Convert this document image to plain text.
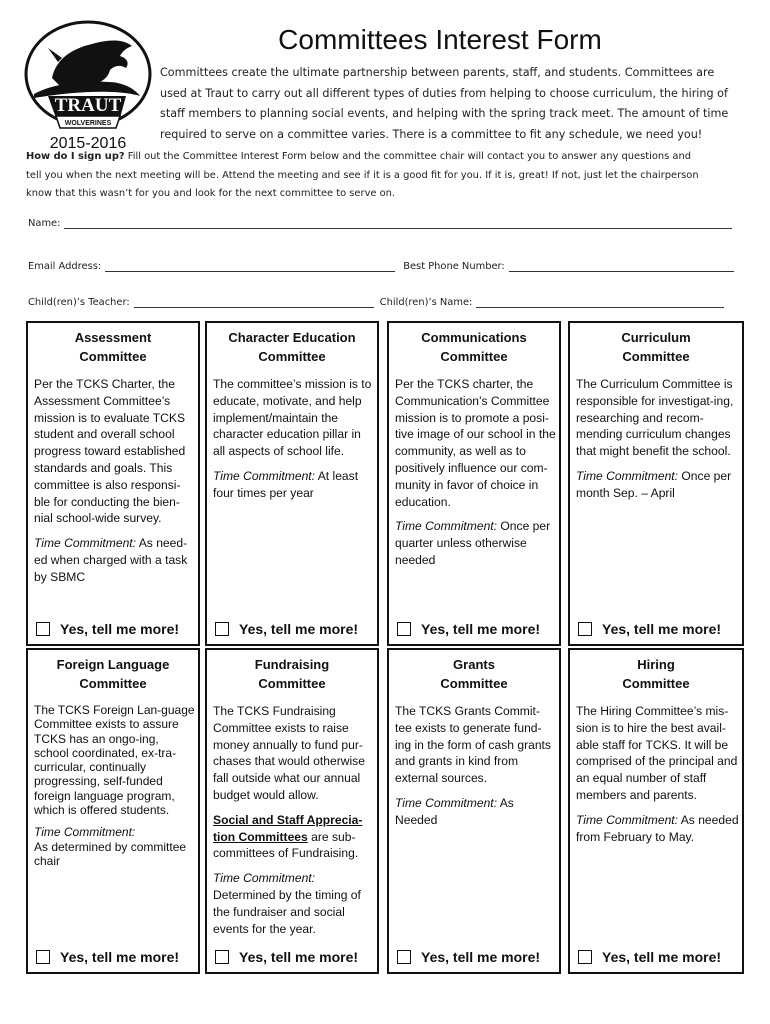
TRAUT
WOLVERINES
2015-2016
Committees Interest Form
Committees create the ultimate partnership between parents, staff, and students. Committees are
used at Traut to carry out all different types of duties from helping to choose curriculum, the hiring of
staff members to planning social events, and helping with the spring track meet. The amount of time
required to serve on a committee varies. There is a committee to fit any schedule, we need you!
How do I sign up? Fill out the Committee Interest Form below and the committee chair will contact you to answer any questions and
tell you when the next meeting will be. Attend the meeting and see if it is a good fit for you. If it is, great! If not, just let the chairperson
know that this wasn’t for you and look for the next committee to serve on.
Name:
Email Address:	Best Phone Number:
Child(ren)’s Teacher:	Child(ren)’s Name:
Assessment
Committee

Per the TCKS Charter, the Assessment Committee’s mission is to evaluate TCKS student and overall school progress toward established standards and goals. This committee is also responsi-ble for conducting the bien-nial school-wide survey.

Time Commitment: As need-ed when charged with a task by SBMC

Yes, tell me more!
Character Education
Committee

The committee’s mission is to educate, motivate, and help implement/maintain the character education pillar in all aspects of school life.

Time Commitment: At least four times per year

Yes, tell me more!
Communications
Committee

Per the TCKS charter, the Communication’s Committee mission is to promote a posi-tive image of our school in the community, as well as to positively influence our com-munity in favor of choice in education.

Time Commitment: Once per quarter unless otherwise needed

Yes, tell me more!
Curriculum
Committee

The Curriculum Committee is responsible for investigat-ing, researching and recom-mending curriculum changes that might benefit the school.

Time Commitment: Once per month Sep. – April

Yes, tell me more!
Foreign Language
Committee

The TCKS Foreign Lan-guage Committee exists to assure TCKS has an ongo-ing, school coordinated, ex-tra-curricular, continually progressing, self-funded foreign language program, which is offered students.

Time Commitment:
As determined by committee chair

Yes, tell me more!
Fundraising
Committee

The TCKS Fundraising Committee exists to raise money annually to fund pur-chases that would otherwise fall outside what our annual budget would allow.

Social and Staff Apprecia-tion Committees are sub-committees of Fundraising.

Time Commitment:
Determined by the timing of the fundraiser and social events for the year.

Yes, tell me more!
Grants
Committee

The TCKS Grants Commit-tee exists to generate fund-ing in the form of cash grants and grants in kind from external sources.

Time Commitment: As Needed

Yes, tell me more!
Hiring
Committee

The Hiring Committee’s mis-sion is to hire the best avail-able staff for TCKS. It will be comprised of the principal and an equal number of staff members and parents.

Time Commitment: As needed from February to May.

Yes, tell me more!
